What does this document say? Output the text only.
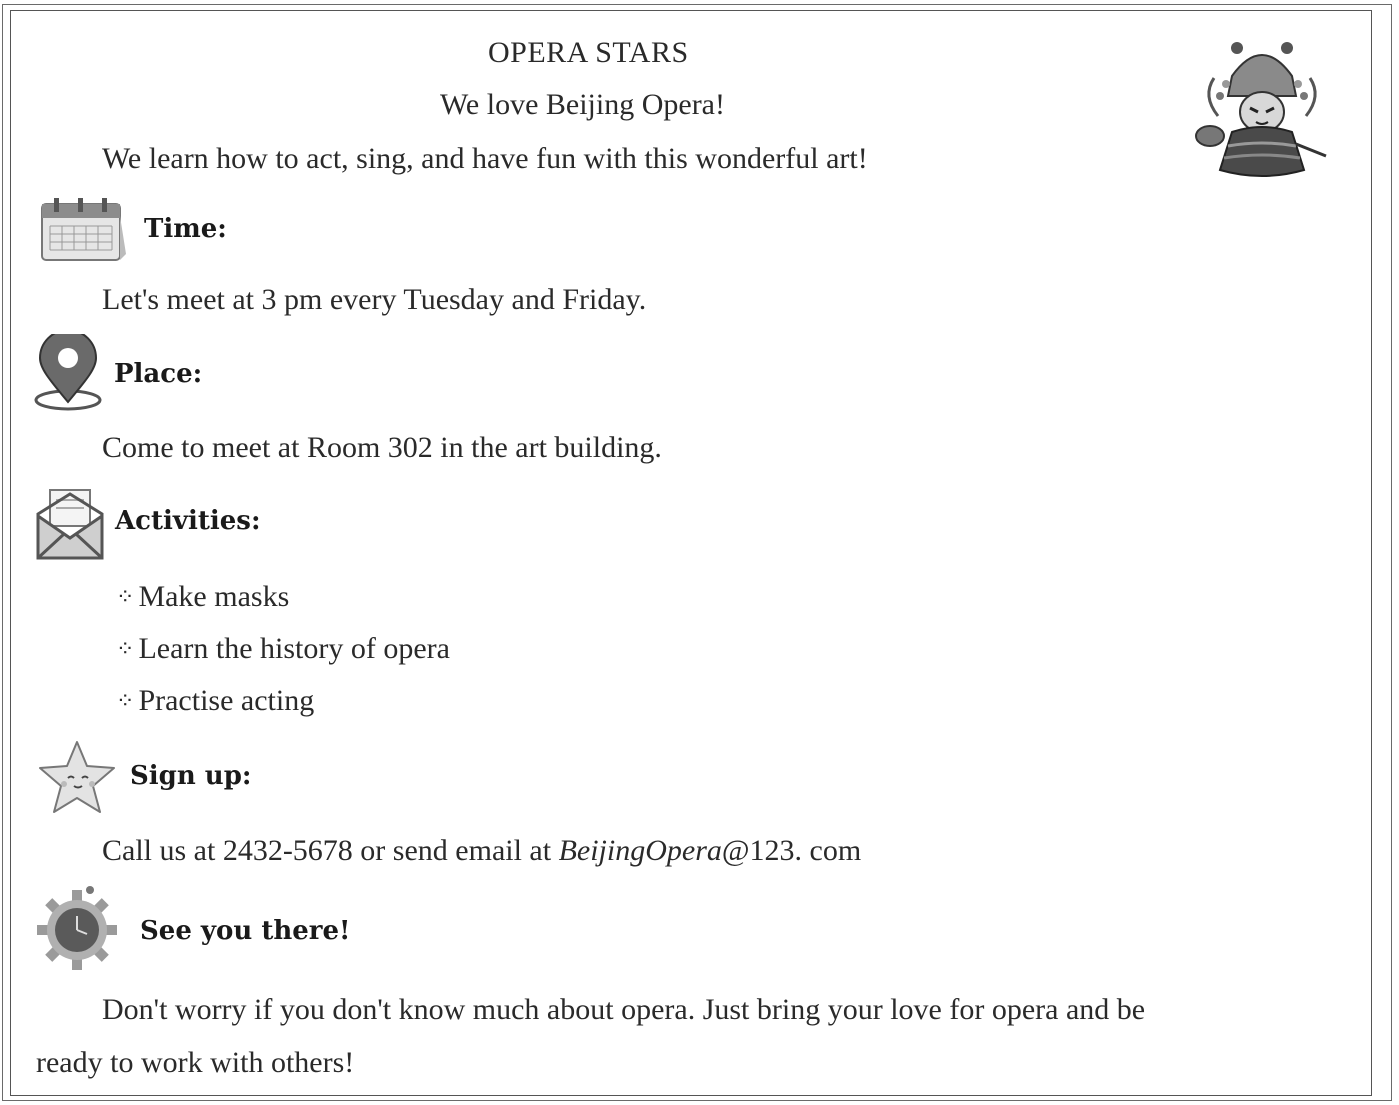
OPERA STARS
We love Beijing Opera!
We learn how to act, sing, and have fun with this wonderful art!
Time:
Let's meet at 3 pm every Tuesday and Friday.
Place:
Come to meet at Room 302 in the art building.
Activities:
⁘ Make masks
⁘ Learn the history of opera
⁘ Practise acting
Sign up:
Call us at 2432-5678 or send email at BeijingOpera@123. com
See you there!
Don't worry if you don't know much about opera. Just bring your love for opera and be
ready to work with others!
